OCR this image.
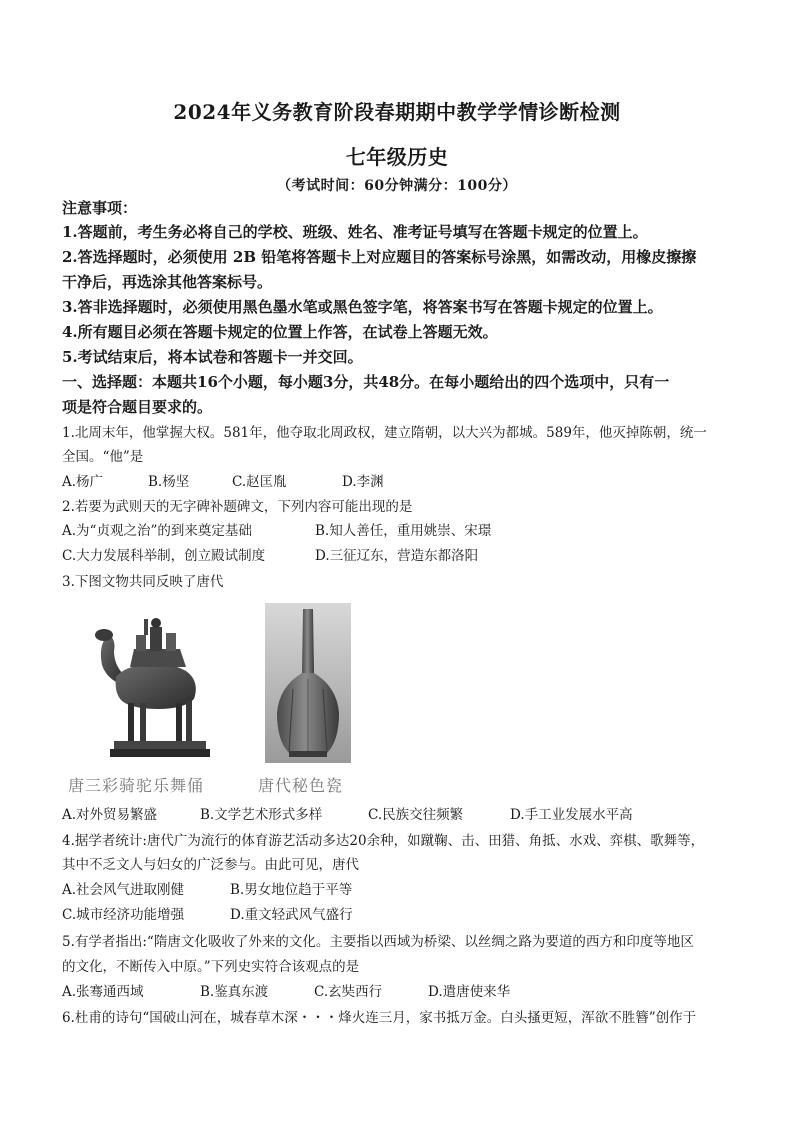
2024年义务教育阶段春期期中教学学情诊断检测
七年级历史
（考试时间：60分钟满分：100分）
注意事项：
1.答题前，考生务必将自己的学校、班级、姓名、准考证号填写在答题卡规定的位置上。
2.答选择题时，必须使用 2B 铅笔将答题卡上对应题目的答案标号涂黑，如需改动，用橡皮擦擦
干净后，再选涂其他答案标号。
3.答非选择题时，必须使用黑色墨水笔或黑色签字笔，将答案书写在答题卡规定的位置上。
4.所有题目必须在答题卡规定的位置上作答，在试卷上答题无效。
5.考试结束后，将本试卷和答题卡一并交回。
一、选择题：本题共16个小题，每小题3分，共48分。在每小题给出的四个选项中，只有一
项是符合题目要求的。
1.北周末年，他掌握大权。581年，他夺取北周政权，建立隋朝，以大兴为都城。589年，他灭掉陈朝，统一
全国。“他”是
A.杨广	B.杨坚	C.赵匡胤	D.李渊
2.若要为武则天的无字碑补题碑文，下列内容可能出现的是
A.为“贞观之治”的到来奠定基础	B.知人善任，重用姚崇、宋璟
C.大力发展科举制，创立殿试制度	D.三征辽东，营造东都洛阳
3.下图文物共同反映了唐代
唐三彩骑驼乐舞俑	唐代秘色瓷
A.对外贸易繁盛	B.文学艺术形式多样	C.民族交往频繁	D.手工业发展水平高
4.据学者统计:唐代广为流行的体育游艺活动多达20余种，如蹴鞠、击、田猎、角抵、水戏、弈棋、歌舞等，
其中不乏文人与妇女的广泛参与。由此可见，唐代
A.社会风气进取刚健	B.男女地位趋于平等
C.城市经济功能增强	D.重文轻武风气盛行
5.有学者指出:“隋唐文化吸收了外来的文化。主要指以西域为桥梁、以丝绸之路为要道的西方和印度等地区
的文化，不断传入中原。”下列史实符合该观点的是
A.张骞通西域	B.鉴真东渡	C.玄奘西行	D.遣唐使来华
6.杜甫的诗句“国破山河在，城春草木深・・・烽火连三月，家书抵万金。白头搔更短，浑欲不胜簪”创作于
